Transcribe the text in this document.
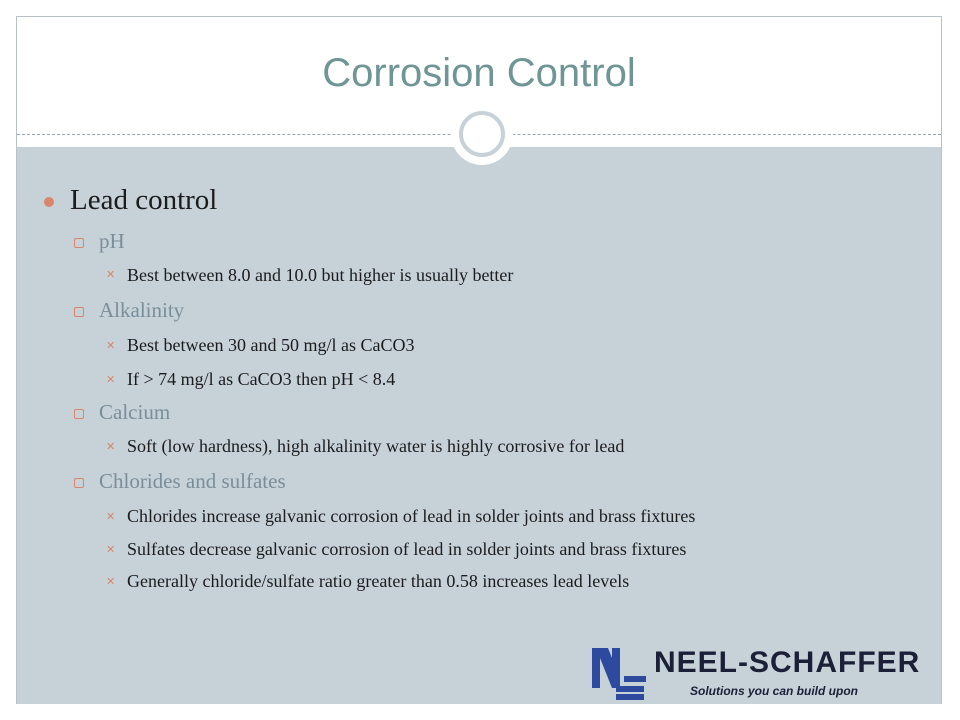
Corrosion Control
Lead control
pH
✕ Best between 8.0 and 10.0 but higher is usually better
Alkalinity
✕ Best between 30 and 50 mg/l as CaCO3
✕ If > 74 mg/l as CaCO3 then pH < 8.4
Calcium
✕ Soft (low hardness), high alkalinity water is highly corrosive for lead
Chlorides and sulfates
✕ Chlorides increase galvanic corrosion of lead in solder joints and brass fixtures
✕ Sulfates decrease galvanic corrosion of lead in solder joints and brass fixtures
✕ Generally chloride/sulfate ratio greater than 0.58 increases lead levels
NEEL-SCHAFFER
Solutions you can build upon
